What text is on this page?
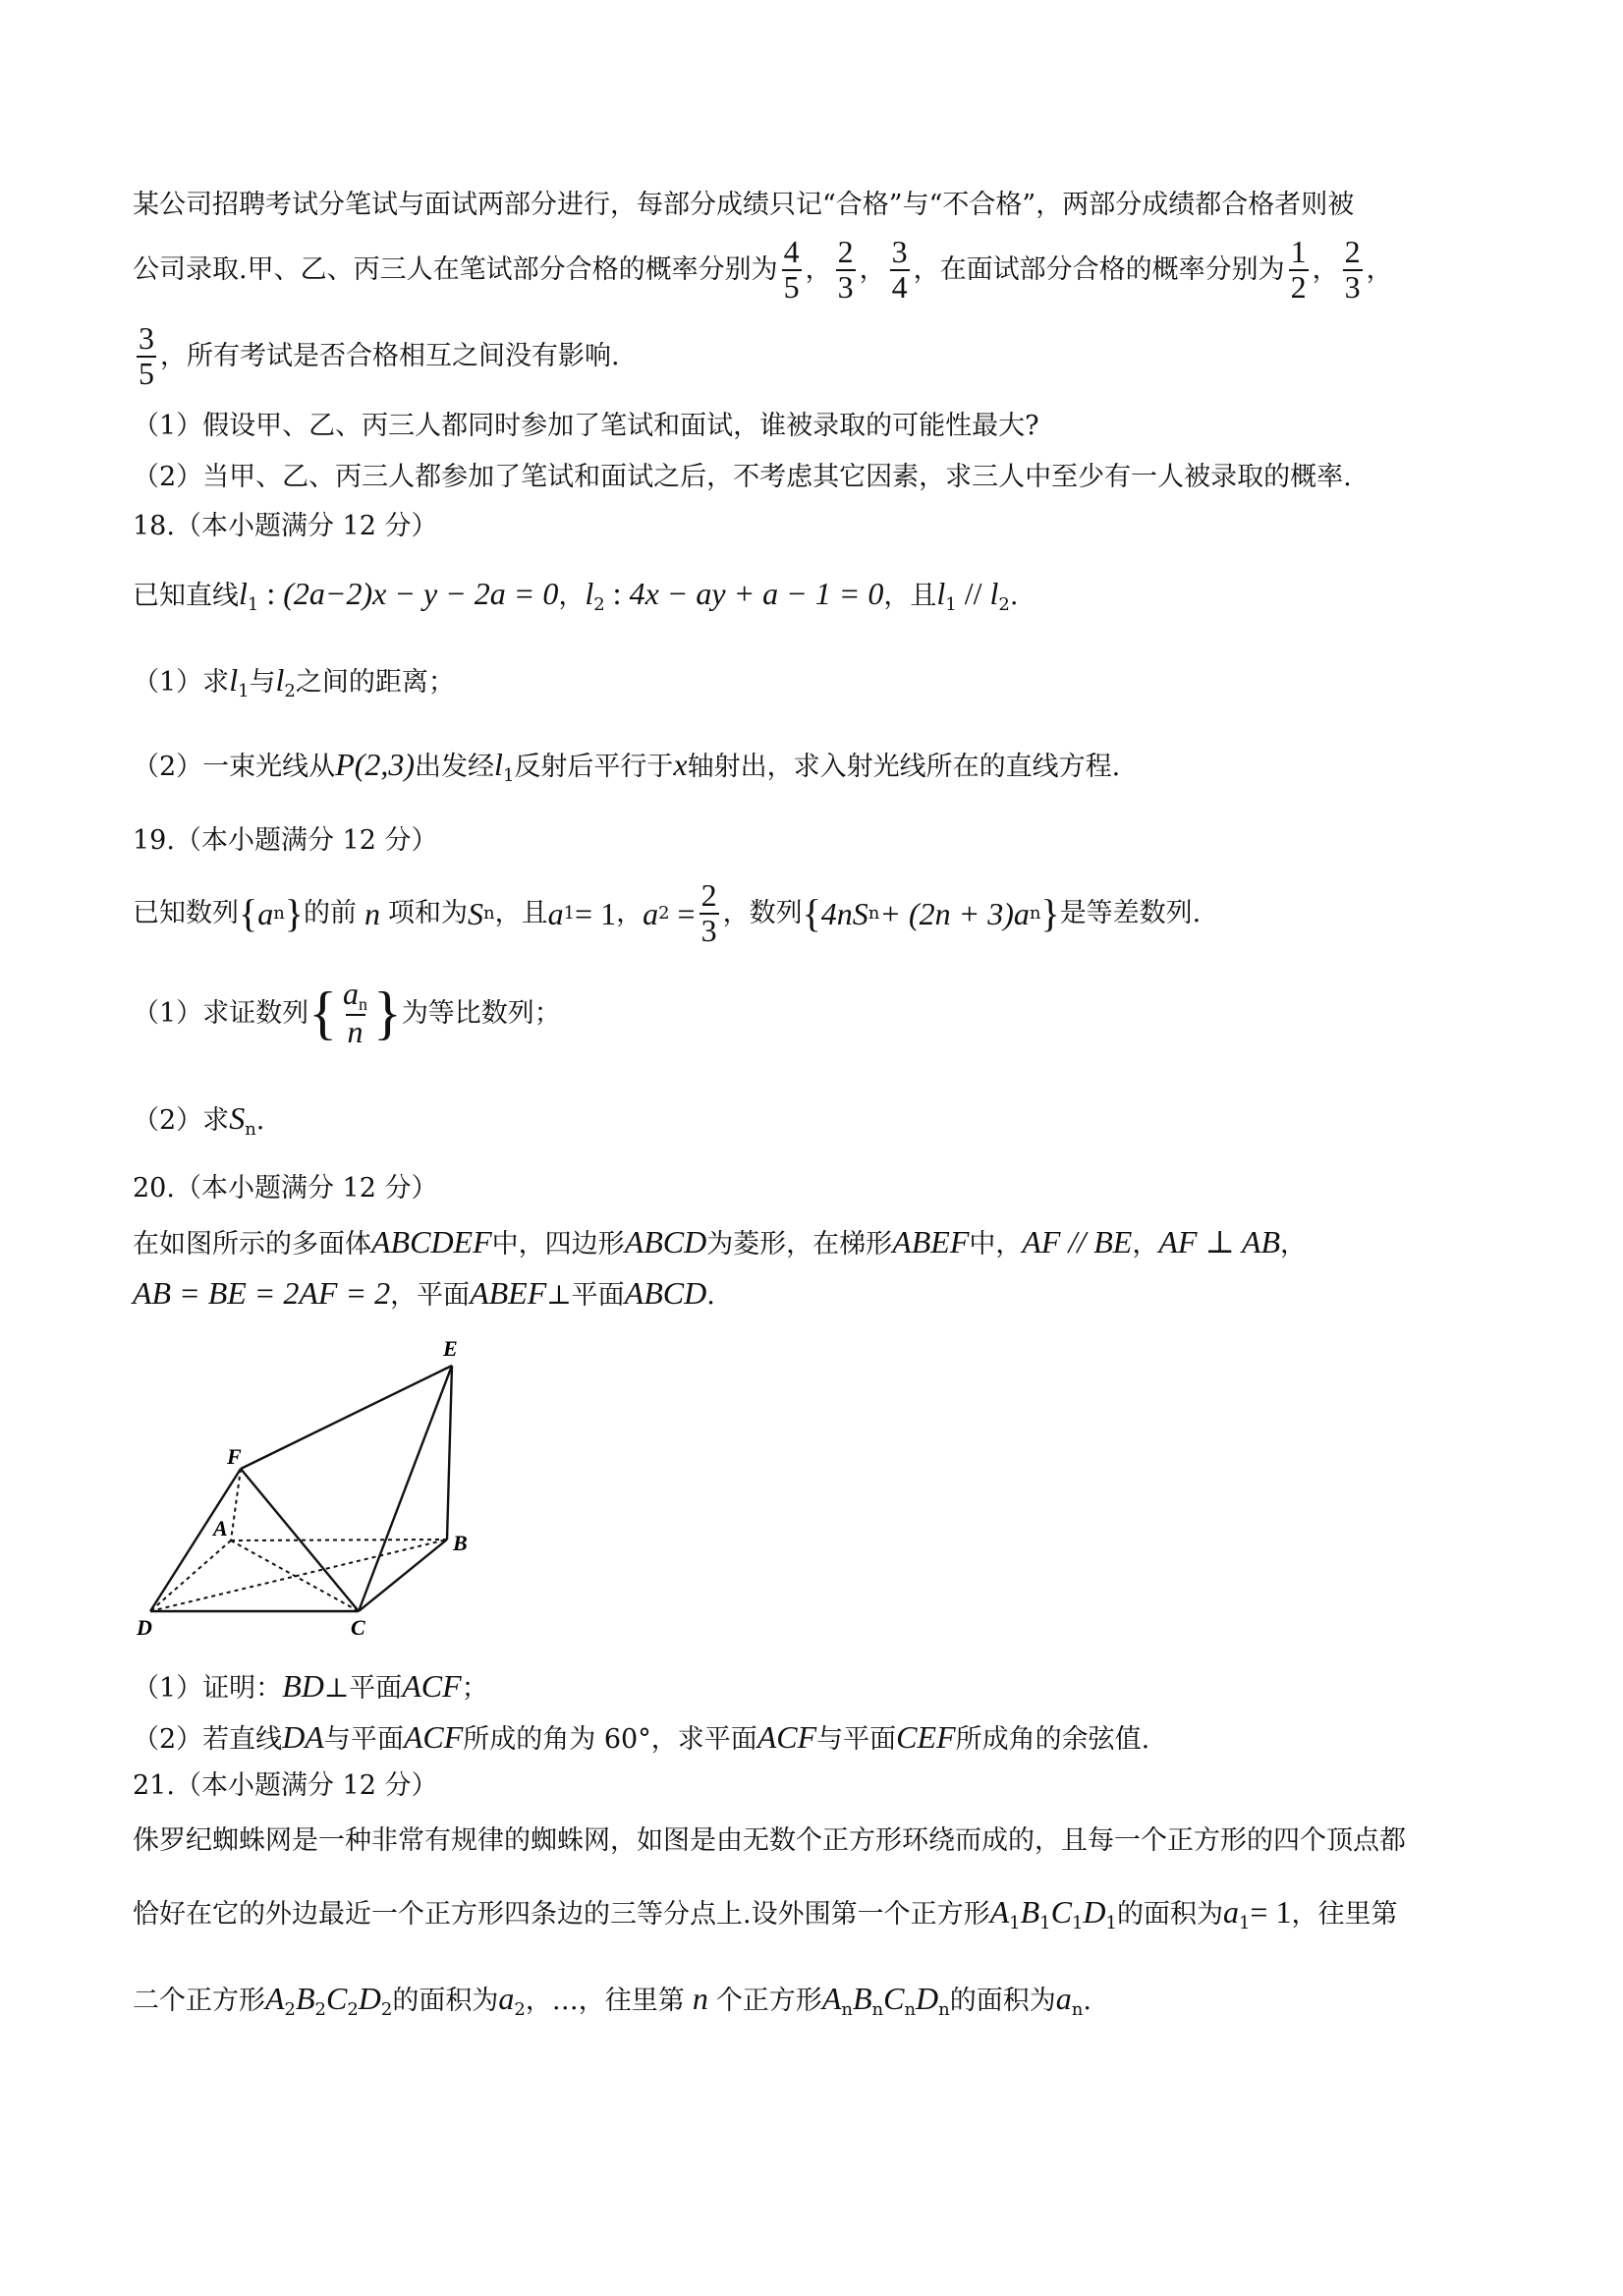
某公司招聘考试分笔试与面试两部分进行，每部分成绩只记“合格”与“不合格”，两部分成绩都合格者则被
公司录取.甲、乙、丙三人在笔试部分合格的概率分别为 $\frac{4}{5}$ ， $\frac{2}{3}$ ， $\frac{3}{4}$ ，在面试部分合格的概率分别为 $\frac{1}{2}$ ， $\frac{2}{3}$ ，
$\frac{3}{5}$ ，所有考试是否合格相互之间没有影响.
（1）假设甲、乙、丙三人都同时参加了笔试和面试，谁被录取的可能性最大?
（2）当甲、乙、丙三人都参加了笔试和面试之后，不考虑其它因素，求三人中至少有一人被录取的概率.
18.（本小题满分 12 分）
已知直线$l_1$ : (2a−2)x − y − 2a = 0，$l_2$ : 4x − ay + a − 1 = 0，且$l_1 // l_2$.
（1）求$l_1$与$l_2$之间的距离；
（2）一束光线从P(2,3)出发经$l_1$反射后平行于x轴射出，求入射光线所在的直线方程.
19.（本小题满分 12 分）
已知数列 { a n } 的前 n 项和为 S n ，且 a 1 = 1 ， a $2 = \frac{2}{3}$ ，数列 { 4nS n + (2n + 3)a n } 是等差数列.
（1）求证数列 { $\frac{a_n}{n}$ } 为等比数列；
（2）求$S_n$.
20.（本小题满分 12 分）
在如图所示的多面体ABCDEF中，四边形ABCD为菱形，在梯形ABEF中，AF // BE，AF ⊥ AB，
AB = BE = 2AF = 2，平面ABEF⊥平面ABCD.
E
F
A
B
D	C
（1）证明：BD⊥平面ACF；
（2）若直线DA与平面ACF所成的角为 60°，求平面ACF与平面CEF所成角的余弦值.
21.（本小题满分 12 分）
侏罗纪蜘蛛网是一种非常有规律的蜘蛛网，如图是由无数个正方形环绕而成的，且每一个正方形的四个顶点都
恰好在它的外边最近一个正方形四条边的三等分点上.设外围第一个正方形$A_1B_1C_1D_1$的面积为$a_1= 1$，往里第
二个正方形$A_2B_2C_2D_2$的面积为$a_2$，…，往里第 n 个正方形$A_nB_nC_nD_n$的面积为$a_n$.
